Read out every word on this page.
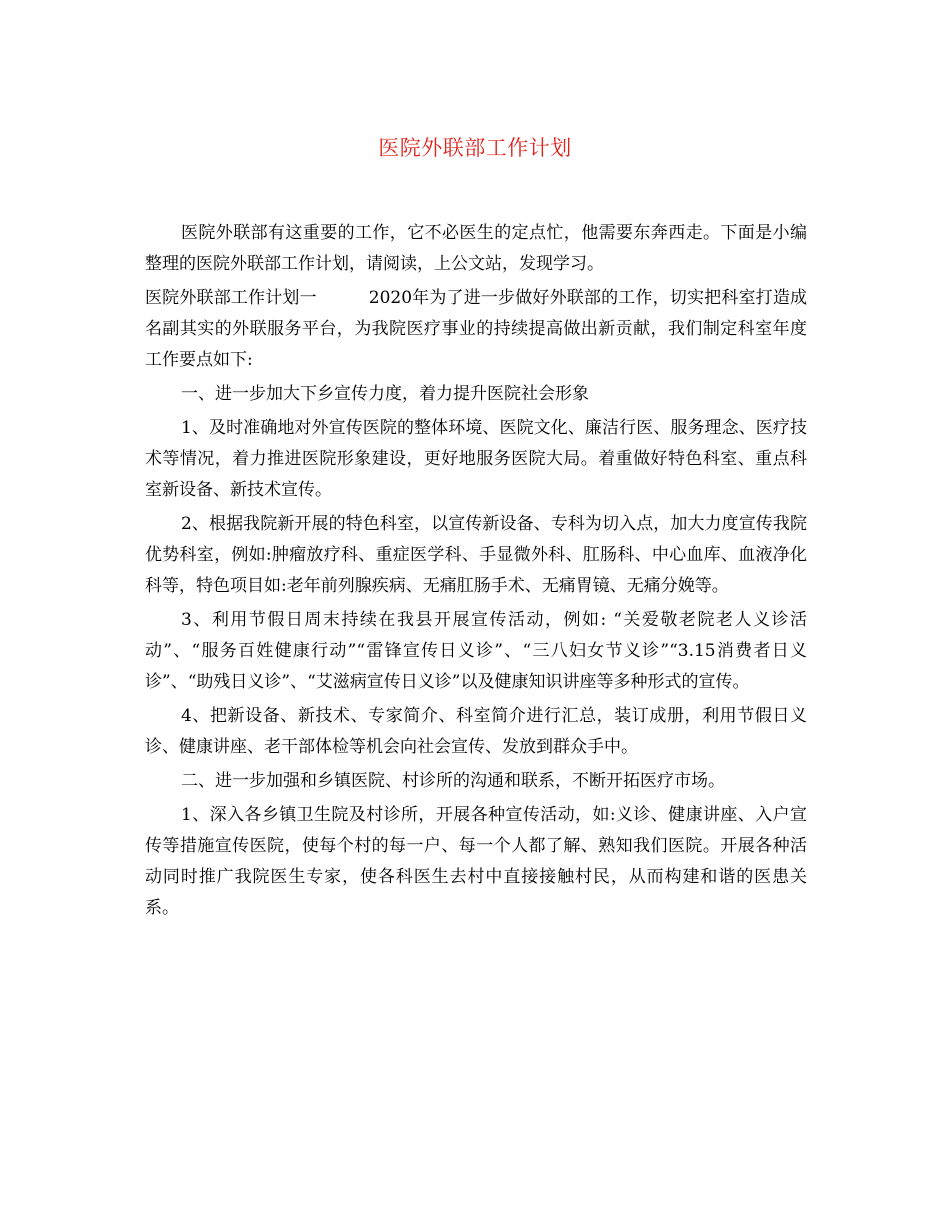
医院外联部工作计划

医院外联部有这重要的工作，它不必医生的定点忙，他需要东奔西走。下面是小编整理的医院外联部工作计划，请阅读，上公文站，发现学习。

医院外联部工作计划一	2020年为了进一步做好外联部的工作，切实把科室打造成名副其实的外联服务平台，为我院医疗事业的持续提高做出新贡献，我们制定科室年度工作要点如下:

一、进一步加大下乡宣传力度，着力提升医院社会形象

1、及时准确地对外宣传医院的整体环境、医院文化、廉洁行医、服务理念、医疗技术等情况，着力推进医院形象建设，更好地服务医院大局。着重做好特色科室、重点科室新设备、新技术宣传。

2、根据我院新开展的特色科室，以宣传新设备、专科为切入点，加大力度宣传我院优势科室，例如:肿瘤放疗科、重症医学科、手显微外科、肛肠科、中心血库、血液净化科等，特色项目如:老年前列腺疾病、无痛肛肠手术、无痛胃镜、无痛分娩等。

3、利用节假日周末持续在我县开展宣传活动，例如: “关爱敬老院老人义诊活动”、“服务百姓健康行动”“雷锋宣传日义诊”、“三八妇女节义诊”“3.15消费者日义诊”、“助残日义诊”、“艾滋病宣传日义诊”以及健康知识讲座等多种形式的宣传。

4、把新设备、新技术、专家简介、科室简介进行汇总，装订成册，利用节假日义诊、健康讲座、老干部体检等机会向社会宣传、发放到群众手中。

二、进一步加强和乡镇医院、村诊所的沟通和联系，不断开拓医疗市场。

1、深入各乡镇卫生院及村诊所，开展各种宣传活动，如:义诊、健康讲座、入户宣传等措施宣传医院，使每个村的每一户、每一个人都了解、熟知我们医院。开展各种活动同时推广我院医生专家，使各科医生去村中直接接触村民，从而构建和谐的医患关系。
